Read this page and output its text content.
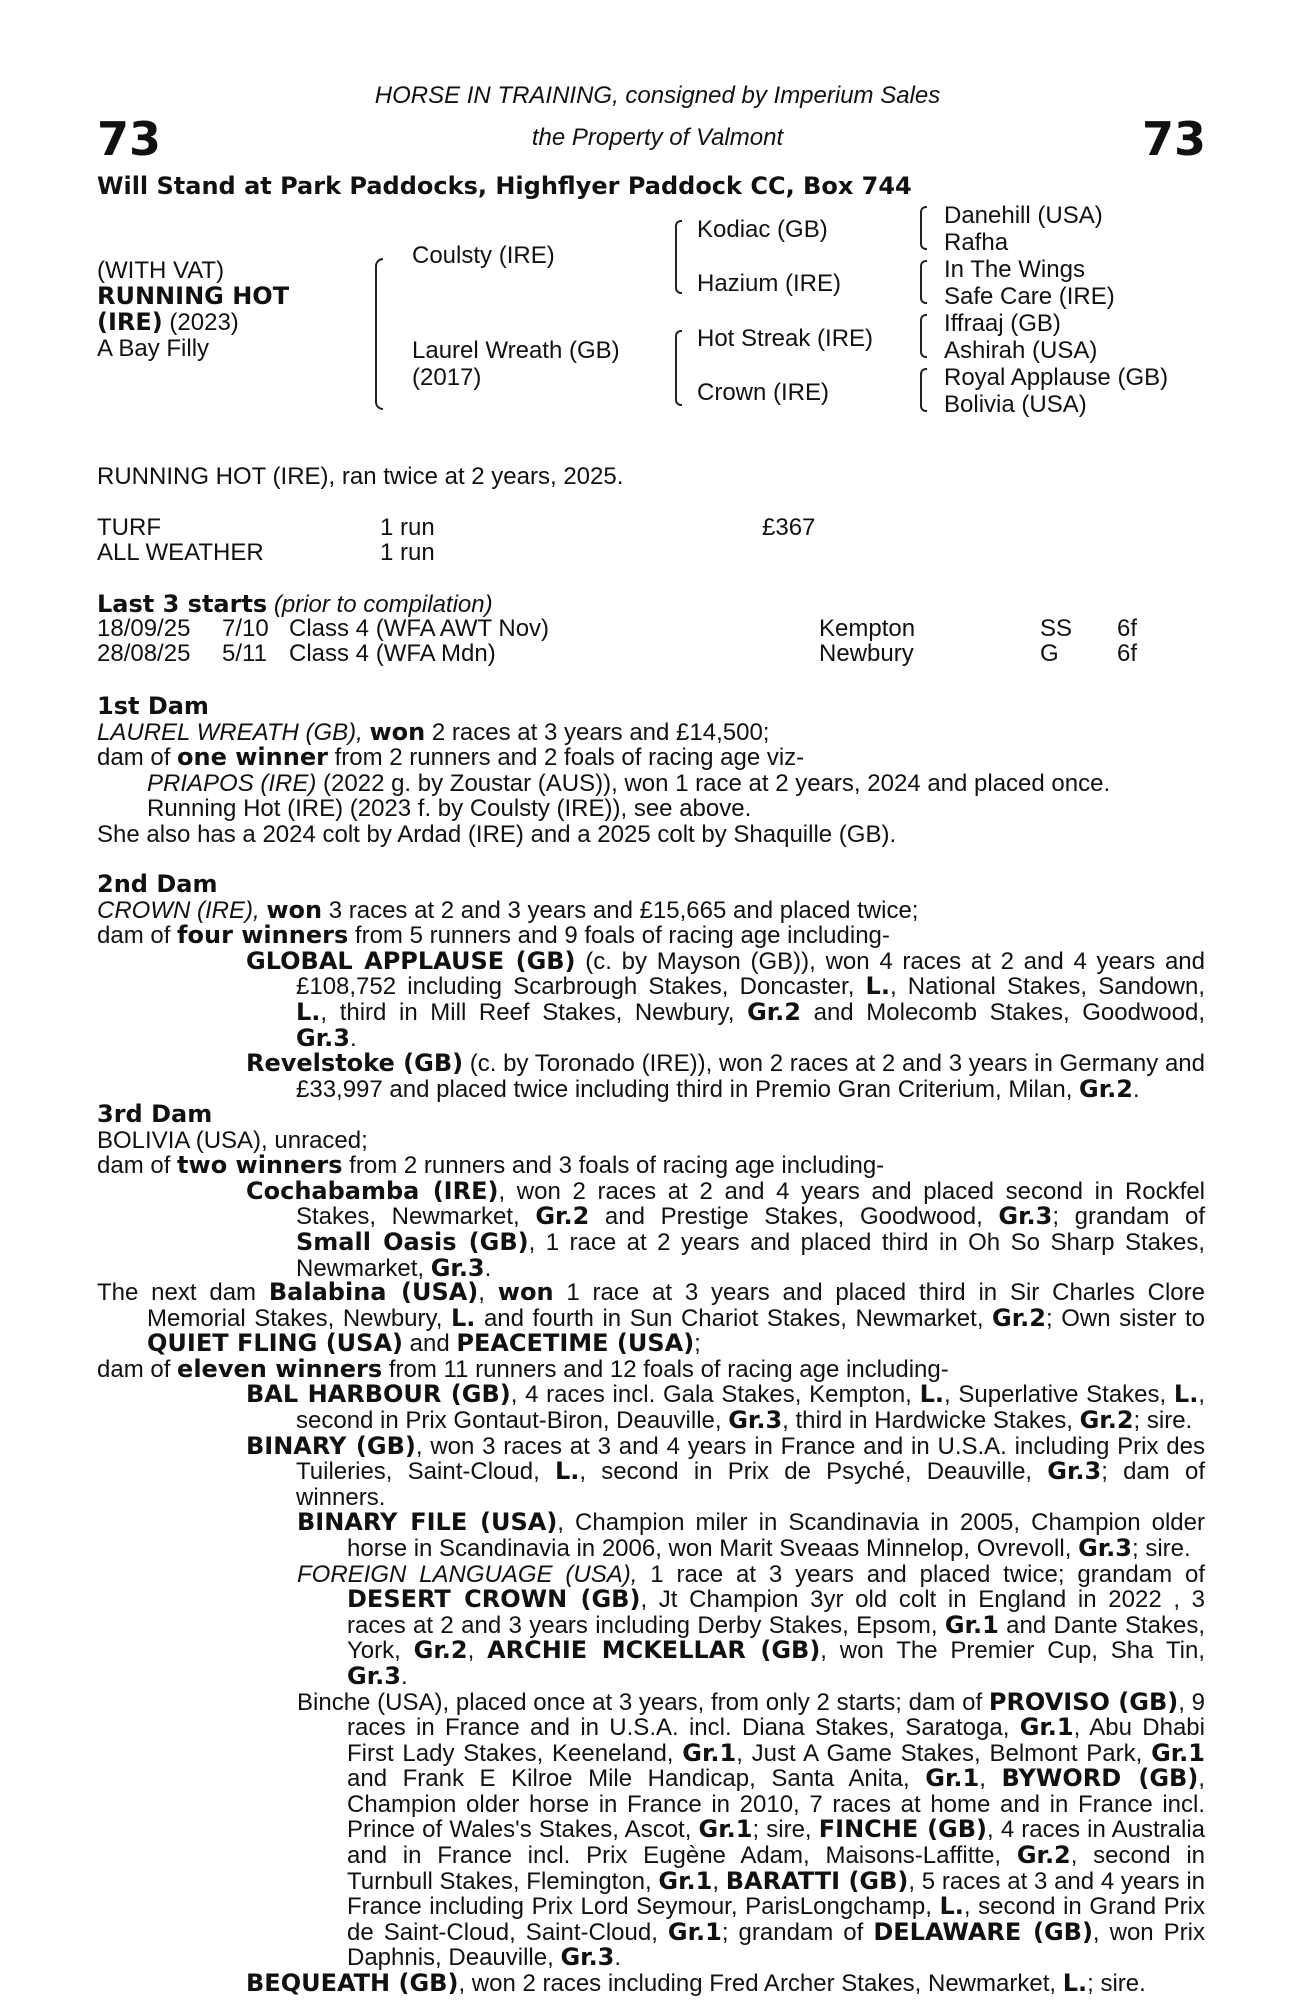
73	73
HORSE IN TRAINING, consigned by Imperium Sales
the Property of Valmont
Will Stand at Park Paddocks, Highflyer Paddock CC, Box 744
(WITH VAT)
RUNNING HOT
(IRE) (2023)
A Bay Filly
Coulsty (IRE)
Laurel Wreath (GB)
(2017)
Kodiac (GB)
Hazium (IRE)
Hot Streak (IRE)
Crown (IRE)
Danehill (USA)
Rafha
In The Wings
Safe Care (IRE)
Iffraaj (GB)
Ashirah (USA)
Royal Applause (GB)
Bolivia (USA)
RUNNING HOT (IRE), ran twice at 2 years, 2025.
TURF	1 run	£367
ALL WEATHER	1 run
Last 3 starts (prior to compilation)
18/09/25 7/10 Class 4 (WFA AWT Nov)	Kempton	SS 6f
28/08/25 5/11 Class 4 (WFA Mdn)	Newbury	G 6f

1st Dam

LAUREL WREATH (GB), won 2 races at 3 years and £14,500;

dam of one winner from 2 runners and 2 foals of racing age viz-

PRIAPOS (IRE) (2022 g. by Zoustar (AUS)), won 1 race at 2 years, 2024 and placed once.

Running Hot (IRE) (2023 f. by Coulsty (IRE)), see above.

She also has a 2024 colt by Ardad (IRE) and a 2025 colt by Shaquille (GB).

2nd Dam

CROWN (IRE), won 3 races at 2 and 3 years and £15,665 and placed twice;

dam of four winners from 5 runners and 9 foals of racing age including-

GLOBAL APPLAUSE (GB) (c. by Mayson (GB)), won 4 races at 2 and 4 years and £108,752 including Scarbrough Stakes, Doncaster, L., National Stakes, Sandown, L., third in Mill Reef Stakes, Newbury, Gr.2 and Molecomb Stakes, Goodwood, Gr.3.

Revelstoke (GB) (c. by Toronado (IRE)), won 2 races at 2 and 3 years in Germany and £33,997 and placed twice including third in Premio Gran Criterium, Milan, Gr.2.

3rd Dam

BOLIVIA (USA), unraced;

dam of two winners from 2 runners and 3 foals of racing age including-

Cochabamba (IRE), won 2 races at 2 and 4 years and placed second in Rockfel Stakes, Newmarket, Gr.2 and Prestige Stakes, Goodwood, Gr.3; grandam of Small Oasis (GB), 1 race at 2 years and placed third in Oh So Sharp Stakes, Newmarket, Gr.3.

The next dam Balabina (USA), won 1 race at 3 years and placed third in Sir Charles Clore Memorial Stakes, Newbury, L. and fourth in Sun Chariot Stakes, Newmarket, Gr.2; Own sister to QUIET FLING (USA) and PEACETIME (USA);

dam of eleven winners from 11 runners and 12 foals of racing age including-

BAL HARBOUR (GB), 4 races incl. Gala Stakes, Kempton, L., Superlative Stakes, L., second in Prix Gontaut-Biron, Deauville, Gr.3, third in Hardwicke Stakes, Gr.2; sire.

BINARY (GB), won 3 races at 3 and 4 years in France and in U.S.A. including Prix des Tuileries, Saint-Cloud, L., second in Prix de Psyché, Deauville, Gr.3; dam of winners.

BINARY FILE (USA), Champion miler in Scandinavia in 2005, Champion older horse in Scandinavia in 2006, won Marit Sveaas Minnelop, Ovrevoll, Gr.3; sire.

FOREIGN LANGUAGE (USA), 1 race at 3 years and placed twice; grandam of DESERT CROWN (GB), Jt Champion 3yr old colt in England in 2022 , 3 races at 2 and 3 years including Derby Stakes, Epsom, Gr.1 and Dante Stakes, York, Gr.2, ARCHIE MCKELLAR (GB), won The Premier Cup, Sha Tin, Gr.3.

Binche (USA), placed once at 3 years, from only 2 starts; dam of PROVISO (GB), 9 races in France and in U.S.A. incl. Diana Stakes, Saratoga, Gr.1, Abu Dhabi First Lady Stakes, Keeneland, Gr.1, Just A Game Stakes, Belmont Park, Gr.1 and Frank E Kilroe Mile Handicap, Santa Anita, Gr.1, BYWORD (GB), Champion older horse in France in 2010, 7 races at home and in France incl. Prince of Wales's Stakes, Ascot, Gr.1; sire, FINCHE (GB), 4 races in Australia and in France incl. Prix Eugène Adam, Maisons-Laffitte, Gr.2, second in Turnbull Stakes, Flemington, Gr.1, BARATTI (GB), 5 races at 3 and 4 years in France including Prix Lord Seymour, ParisLongchamp, L., second in Grand Prix de Saint-Cloud, Saint-Cloud, Gr.1; grandam of DELAWARE (GB), won Prix Daphnis, Deauville, Gr.3.

BEQUEATH (GB), won 2 races including Fred Archer Stakes, Newmarket, L.; sire.
